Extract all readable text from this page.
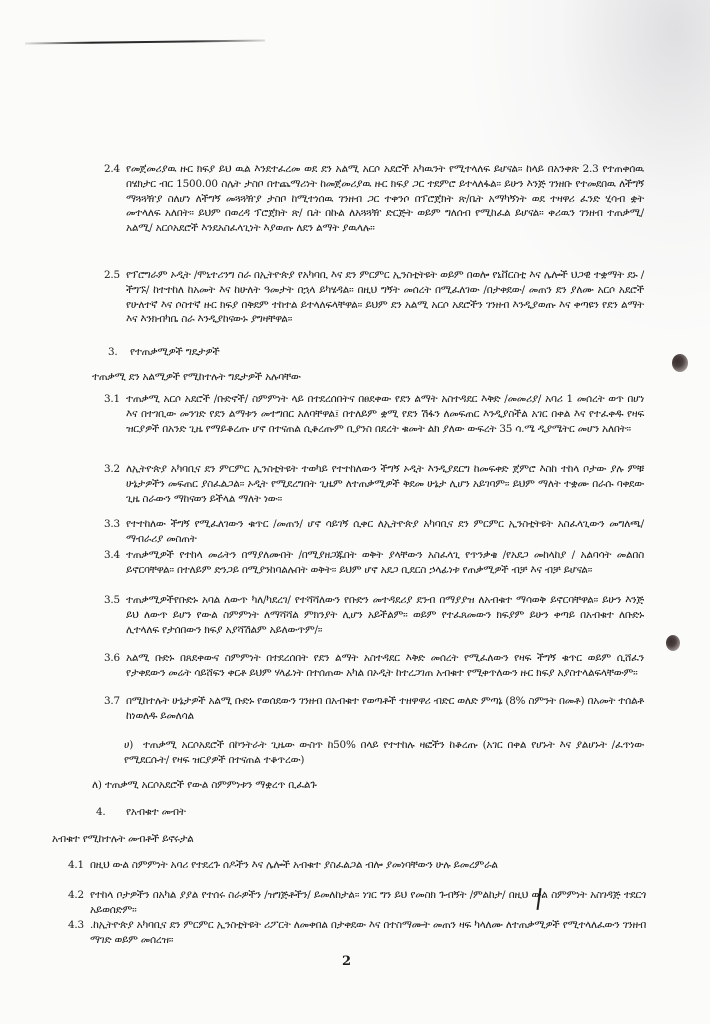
2.4 የመጀመሪያዉ ዙር ክፍያ ይህ ዉል እንደተፈረመ ወደ ደን አልሚ አርሶ አደሮች አካዉንት የሚተላለፍ ይሆናል፡፡ ከላይ በአንቀጽ 2.3 የተጠቀሰዉ በሄክታር ብር 1500.00 ስሌት ታስቦ በተጨማሪነት ከመጀመሪያዉ ዙር ክፍያ ጋር ተደምሮ ይተላለፋል፡፡ ይሁን እንጅ ገንዘቡ የተመደበዉ ለችግኝ ማጓጓዥያ ስለሆነ ለችግኝ መጓጓዥያ ታስቦ ከሚተነሰዉ ገንዘብ ጋር ተቀንሶ በፕሮጀክት ጽ/ቤት አማካኝነት ወደ ተዛዋሪ ፈንድ ሂሳብ ቋት መተላለፍ አለበት፡፡ ይህም በወረዳ ፕሮጀክት ጽ/ ቤት በኩል ለአጓጓዥ ድርጅት ወይም ግለሰብ የሚከፈል ይሆናል፡፡ ቀሪዉን ገንዘብ ተጠቃሚ/አልሚ/ አርሶአደሮች እንደአስፈላጊነት እያወጡ ለደን ልማት ያዉላሉ፡፡
2.5 የፕሮግራም ኦዲት /ሞኒተሪንግ ስራ በኢትዮጵያ የአካባቢ እና ደን ምርምር ኢንስቲትዩት ወይም በወሎ የኒቨርስቲ እና ሌሎች ህጋዊ ተቋማት ደኑ /ችግኙ/ ከተተከለ ከአመት እና ከሁለት ዓመታት በኋላ ይካሄዳል፡፡ በዚህ ግኝት መሰረት በሚፈለገው /በታቀደው/ መጠን ደን ያለሙ አርሶ አደሮች የሁለተኛ እና ሶስተኛ ዙር ክፍያ በቅደም ተከተል ይተላለፍላቸዋል፡፡ ይህም ደን አልሚ አርሶ አደሮችን ገንዘብ እንዲያወጡ እና ቀጣዩን የደን ልማት እና እንክብካቤ ስራ እንዲያከናውኑ ያግዛቸዋል፡፡
3. የተጠቃሚዎች ግዴታዎች
ተጠቃሚ ደን አልሚዎች የሚከተሉት ግዴታዎች አሉባቸው
3.1 ተጠቃሚ አርሶ አደሮች /ቡድኖች/ ስምምነት ላይ በተደረሰበትና በፀደቀው የደን ልማት አስተዳደር እቅድ /መመሪያ/ አባሪ 1 መሰረት ወጥ በሆነ እና በተገቢው መንገድ የደን ልማቱን መተግበር አለባቸዋል፤ በተለይም ቋሚ የደን ሽፋን ለመፍጠር እንዲያስችል አገር በቀል እና የተፈቀዱ የዛፍ ዝርያዎች በአንድ ጊዜ የማይቆረጡ ሆኖ በተናጠል ሲቆረጡም ቢያንስ በደረት ቁመት ልክ ያለው ውፍረት 35 ሳ.ሜ ዲያሜትር መሆን አለበት፡፡
3.2 ለኢትዮጵያ አካባቢና ደን ምርምር ኢንስቲትዩት ተወካይ የተተከለውን ችግኝ ኦዲት እንዲያደርግ ከመፍቀድ ጀምሮ እስከ ተከላ ቦታው ያሉ ምቹ ሁኔታዎችን መፍጠር ያስፈልጋል፡፡ ኦዲት የሚደረግበት ጊዜም ለተጠቃሚዎች ቅደመ ሁኔታ ሊሆን አይገባም፡፡ ይህም ማለት ተቋሙ በራሱ ባቀደው ጊዜ ስራውን ማከናወን ይችላል ማለት ነው፡፡
3.3 የተተከለው ችግኝ የሚፈለገውን ቁጥር /መጠን/ ሆኖ ሳይገኝ ሲቀር ለኢትዮጵያ አካባቢና ደን ምርምር ኢንስቲትዩት አስፈላጊውን መግለጫ/ማብራሪያ መስጠት
3.4 ተጠቃሚዎች የተከላ መሬትን በማያለሙበት /በሚያዘጋጁበት ወቅት ያላቸውን አስፈላጊ የጥንቃቄ /የአደጋ መከላከያ / አልባሳት መልበስ ይኖርባቸዋል፡፡ በተለይም ድንጋይ በሚያንከባልሉበት ወቅት፡፡ ይህም ሆኖ አደጋ ቢደርስ ኃላፊነቱ የጠቃሚዎች ብቻ እና ብቻ ይሆናል፡፡
3.5 ተጠቃሚዎችየቡድኑ አባል ለውጥ ካለ/ካደረገ/ የተሻሻለውን የቡድን መተዳደሪያ ደንብ በማያያዝ ለአብቁተ ማሳወቅ ይኖርባቸዋል፡፡ ይሁን እንጅ ይህ ለውጥ ይሆን የውል ስምምነት ለማሻሻል ምክንያት ሊሆን አይችልም፡፡ ወይም የተፈጸመውን ክፍያም ይሁን ቀጣይ በአብቁተ ለቡድኑ ሊተላለፍ የታሰበውን ክፍያ አያሻሽልም አይለውጥም/፡፡
3.6 አልሚ ቡድኑ በጸደቀውና ስምምነት በተደረሰበት የደን ልማት አስተዳደር እቅድ መሰረት የሚፈለውን የዛፍ ችግኝ ቁጥር ወይም ሲሸፈን የታቀደውን መሬት ሳይሸፍን ቀርቶ ይህም ሃላፊነት በተሰጠው አካል በኦዲት ከተረጋገጠ አብቁተ የሚቀጥለውን ዙር ክፍያ አያስተላልፍላቸውም፡፡
3.7 በሚከተሉት ሁኔታዎች አልሚ ቡድኑ የወሰደውን ገንዘብ በአብቁተ የወጣቶች ተዘዋዋሪ ብድር ወለድ ምጣኔ (8% ስምንት በመቶ) በአመት ተሰልቶ ከነወለዱ ይመለሳል
ሀ) ተጠቃሚ አርሶአደሮች በኮንትራት ጊዜው ውስጥ ከ50% በላይ የተተከሉ ዛፎችን ከቆረጡ (አገር በቀል የሆኑት እና ያልሆኑት /ፈጥነው የሚደርሱት/ የዛፍ ዝርያዎች በተናጠል ተቆጥረው)
ለ) ተጠቃሚ አርሶአደሮች የውል ስምምነቱን ማቋረጥ ቢፈልጉ
4. የአብቁተ መብት
አብቁተ የሚከተሉት መብቶች ይኖሩታል
4.1 በዚህ ውል ስምምነት አባሪ የተደረጉ ሰዶችን እና ሌሎች አብቁተ ያስፈልጋል ብሎ ያመነባቸውን ሁሉ ይመረምራል
4.2 የተከላ ቦታዎችን በአካል ያያል የተሰሩ ስራዎችን /ዝግጅቶችን/ ይመለከታል፡፡ ነገር ግን ይህ የመስክ ጉብኝት /ምልከታ/ በዚህ ውል ስምምነት አስገዳጅ ተደርጎ አይወሰድም፡፡
4.3 .ከኢትዮጵያ አካባቢና ደን ምርምር ኢንስቲትዩት ሪፖርት ለመቀበል በታቀደው እና በተስማሙት መጠን ዛፍ ካላለሙ ለተጠቃሚዎች የሚተላለፈውን ገንዘብ ማገድ ወይም መሰረዝ፡፡
2
